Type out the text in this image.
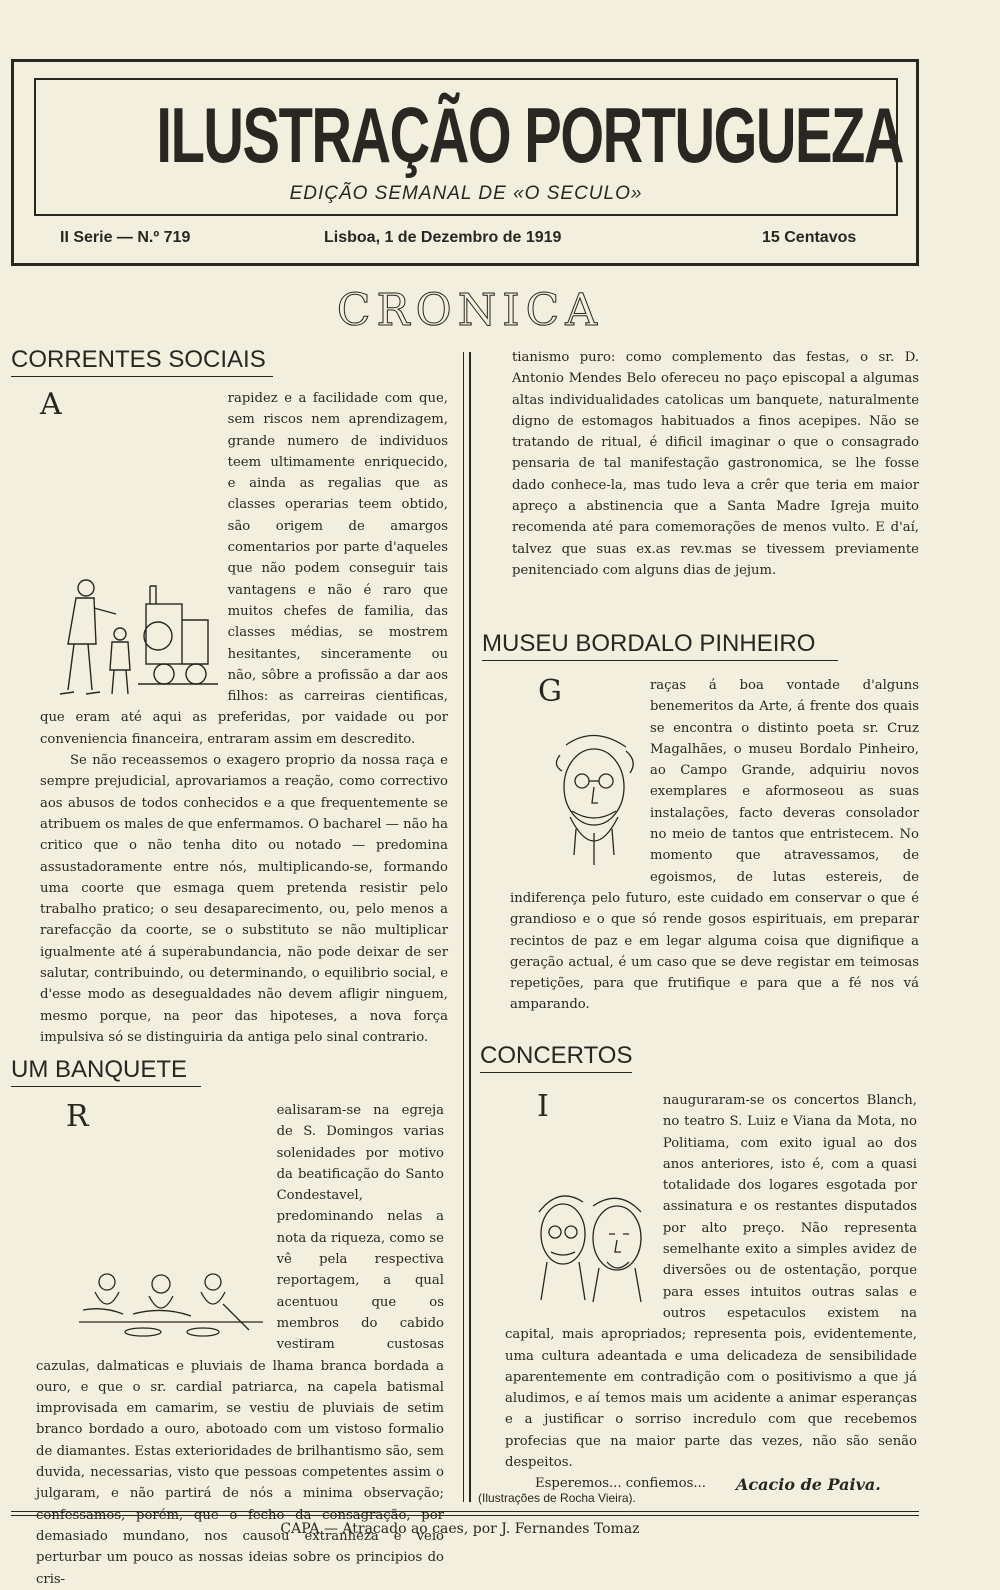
ILUSTRAÇÃO PORTUGUEZA
EDIÇÃO SEMANAL DE «O SECULO»
II Serie — N.º 719	Lisboa, 1 de Dezembro de 1919	15 Centavos
CRONICA
CORRENTES SOCIAIS
A	rapidez e a facilidade com que, sem riscos nem aprendizagem, grande numero de individuos teem ultimamente enriquecido, e ainda as regalias que as classes operarias teem obtido, são origem de amargos comentarios por parte d'aqueles que não podem conseguir tais vantagens e não é raro que muitos chefes de familia, das classes médias, se mostrem hesitantes, sinceramente ou não, sôbre a profissão a dar aos filhos: as carreiras cientificas, que eram até aqui as preferidas, por vaidade ou por conveniencia financeira, entraram assim em descredito.

Se não receassemos o exagero proprio da nossa raça e sempre prejudicial, aprovariamos a reação, como correctivo aos abusos de todos conhecidos e a que frequentemente se atribuem os males de que enfermamos. O bacharel — não ha critico que o não tenha dito ou notado — predomina assustadoramente entre nós, multiplicando-se, formando uma coorte que esmaga quem pretenda resistir pelo trabalho pratico; o seu desaparecimento, ou, pelo menos a rarefacção da coorte, se o substituto se não multiplicar igualmente até á superabundancia, não pode deixar de ser salutar, contribuindo, ou determinando, o equilibrio social, e d'esse modo as desegualdades não devem afligir ninguem, mesmo porque, na peor das hipoteses, a nova força impulsiva só se distinguiria da antiga pelo sinal contrario.

UM BANQUETE
R	ealisaram-se na egreja de S. Domingos varias solenidades por motivo da beatificação do Santo Condestavel, predominando nelas a nota da riqueza, como se vê pela respectiva reportagem, a qual acentuou que os membros do cabido vestiram custosas cazulas, dalmaticas e pluviais de lhama branca bordada a ouro, e que o sr. cardial patriarca, na capela batismal improvisada em camarim, se vestiu de pluviais de setim branco bordado a ouro, abotoado com um vistoso formalio de diamantes. Estas exterioridades de brilhantismo são, sem duvida, necessarias, visto que pessoas competentes assim o julgaram, e não partirá de nós a minima observação; confessamos, porém, que o fecho da consagração, por demasiado mundano, nos causou extranheza e veio perturbar um pouco as nossas ideias sobre os principios do cris-

tianismo puro: como complemento das festas, o sr. D. Antonio Mendes Belo ofereceu no paço episcopal a algumas altas individualidades catolicas um banquete, naturalmente digno de estomagos habituados a finos acepipes. Não se tratando de ritual, é dificil imaginar o que o consagrado pensaria de tal manifestação gastronomica, se lhe fosse dado conhece-la, mas tudo leva a crêr que teria em maior apreço a abstinencia que a Santa Madre Igreja muito recomenda até para comemorações de menos vulto. E d'aí, talvez que suas ex.as rev.mas se tivessem previamente penitenciado com alguns dias de jejum.

MUSEU BORDALO PINHEIRO
G	raças á boa vontade d'alguns benemeritos da Arte, á frente dos quais se encontra o distinto poeta sr. Cruz Magalhães, o museu Bordalo Pinheiro, ao Campo Grande, adquiriu novos exemplares e aformoseou as suas instalações, facto deveras consolador no meio de tantos que entristecem. No momento que atravessamos, de egoismos, de lutas estereis, de indiferença pelo futuro, este cuidado em conservar o que é grandioso e o que só rende gosos espirituais, em preparar recintos de paz e em legar alguma coisa que dignifique a geração actual, é um caso que se deve registar em teimosas repetições, para que frutifique e para que a fé nos vá amparando.

CONCERTOS
I	nauguraram-se os concertos Blanch, no teatro S. Luiz e Viana da Mota, no Politiama, com exito igual ao dos anos anteriores, isto é, com a quasi totalidade dos logares esgotada por assinatura e os restantes disputados por alto preço. Não representa semelhante exito a simples avidez de diversões ou de ostentação, porque para esses intuitos outras salas e outros espetaculos existem na capital, mais apropriados; representa pois, evidentemente, uma cultura adeantada e uma delicadeza de sensibilidade aparentemente em contradição com o positivismo a que já aludimos, e aí temos mais um acidente a animar esperanças e a justificar o sorriso incredulo com que recebemos profecias que na maior parte das vezes, não são senão despeitos.

Esperemos... confiemos...	Acacio de Paiva.
(Ilustrações de Rocha Vieira).
CAPA — Atracado ao caes, por J. Fernandes Tomaz
